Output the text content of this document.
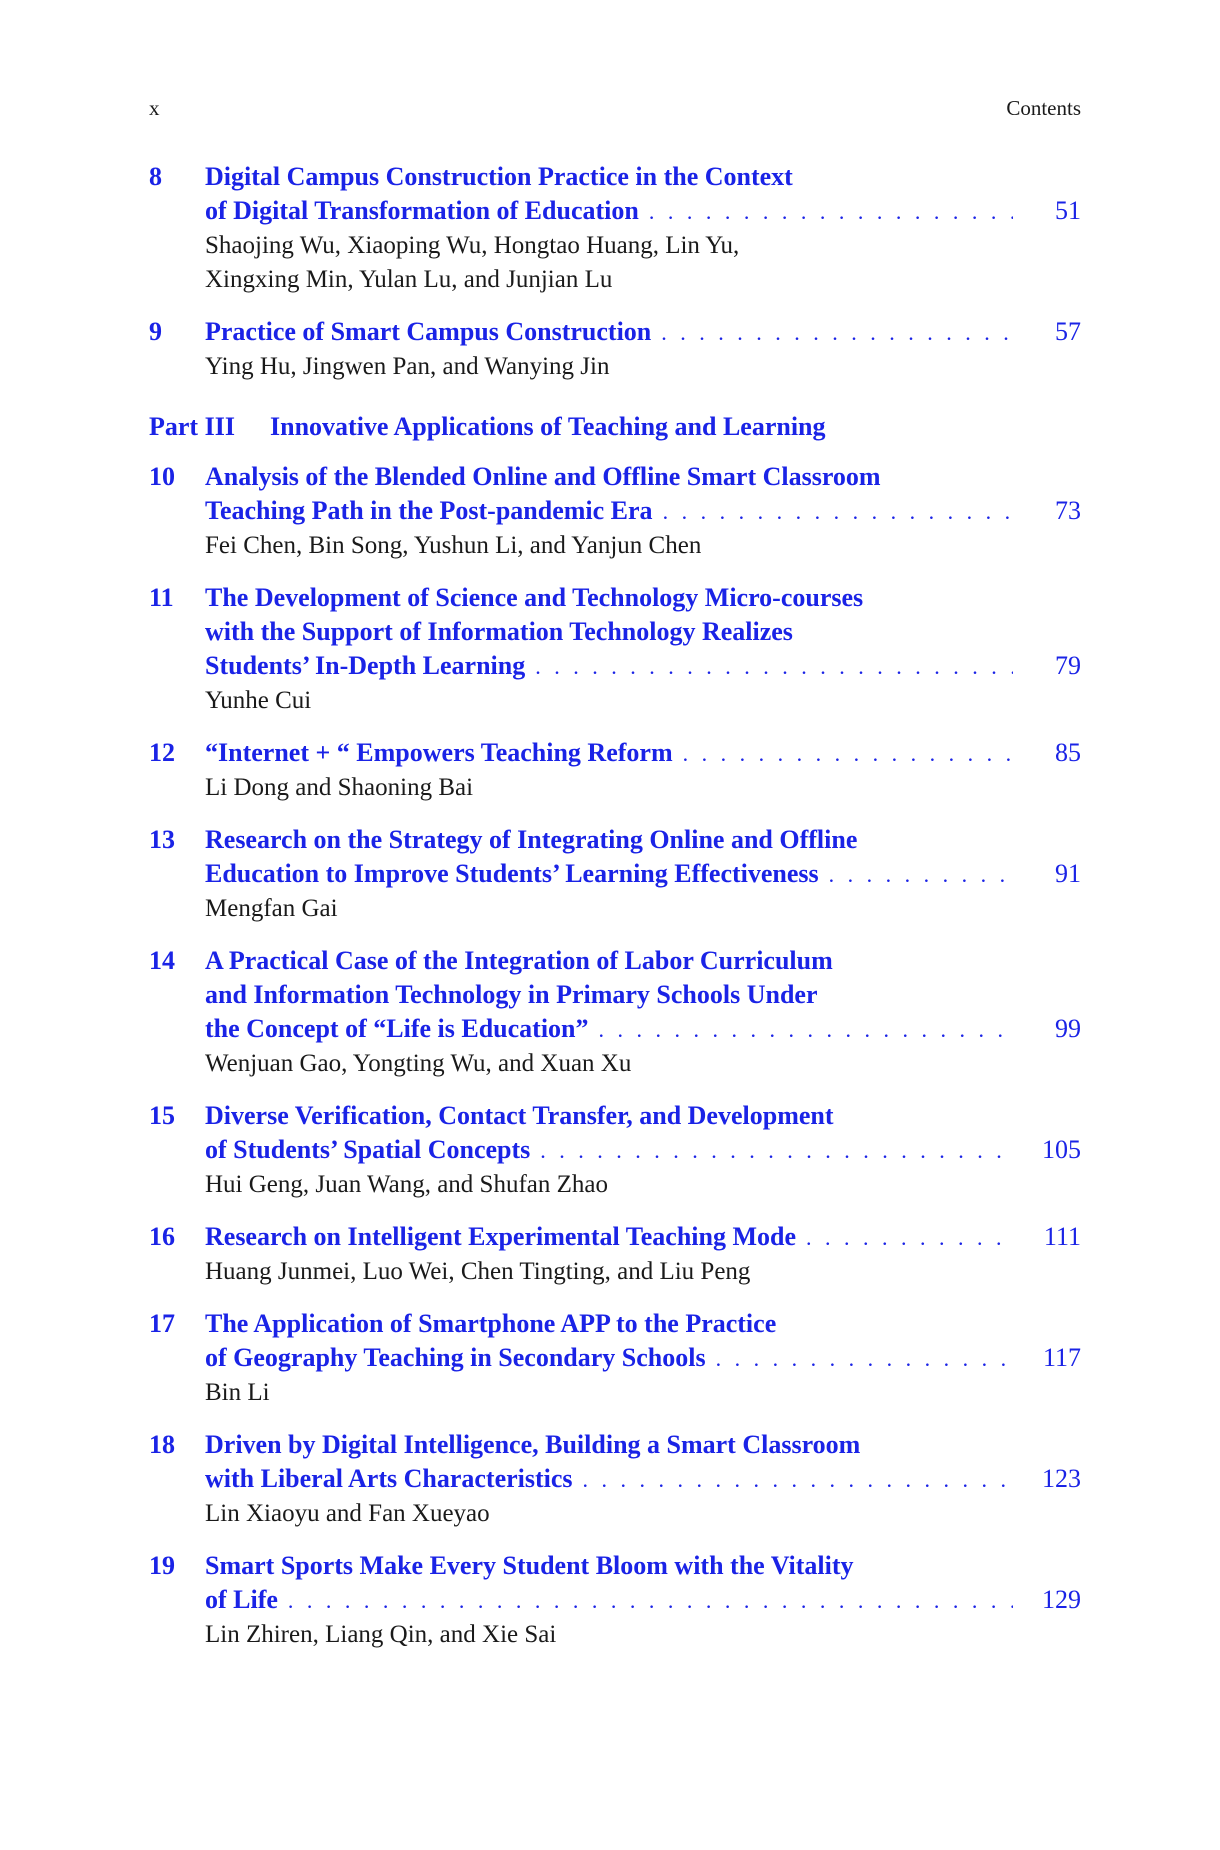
x	Contents
8	Digital Campus Construction Practice in the Context
of Digital Transformation of Education . . .	51
Shaojing Wu, Xiaoping Wu, Hongtao Huang, Lin Yu,
Xingxing Min, Yulan Lu, and Junjian Lu
9	Practice of Smart Campus Construction . . .	57
Ying Hu, Jingwen Pan, and Wanying Jin
Part III	Innovative Applications of Teaching and Learning
10	Analysis of the Blended Online and Offline Smart Classroom
Teaching Path in the Post-pandemic Era . . .	73
Fei Chen, Bin Song, Yushun Li, and Yanjun Chen
11	The Development of Science and Technology Micro-courses
with the Support of Information Technology Realizes
Students’ In-Depth Learning . . .	79
Yunhe Cui
12	“Internet + “ Empowers Teaching Reform . . .	85
Li Dong and Shaoning Bai
13	Research on the Strategy of Integrating Online and Offline
Education to Improve Students’ Learning Effectiveness . . .	91
Mengfan Gai
14	A Practical Case of the Integration of Labor Curriculum
and Information Technology in Primary Schools Under
the Concept of “Life is Education” . . .	99
Wenjuan Gao, Yongting Wu, and Xuan Xu
15	Diverse Verification, Contact Transfer, and Development
of Students’ Spatial Concepts . . .	105
Hui Geng, Juan Wang, and Shufan Zhao
16	Research on Intelligent Experimental Teaching Mode . . .	111
Huang Junmei, Luo Wei, Chen Tingting, and Liu Peng
17	The Application of Smartphone APP to the Practice
of Geography Teaching in Secondary Schools . . .	117
Bin Li
18	Driven by Digital Intelligence, Building a Smart Classroom
with Liberal Arts Characteristics . . .	123
Lin Xiaoyu and Fan Xueyao
19	Smart Sports Make Every Student Bloom with the Vitality
of Life . . .	129
Lin Zhiren, Liang Qin, and Xie Sai
